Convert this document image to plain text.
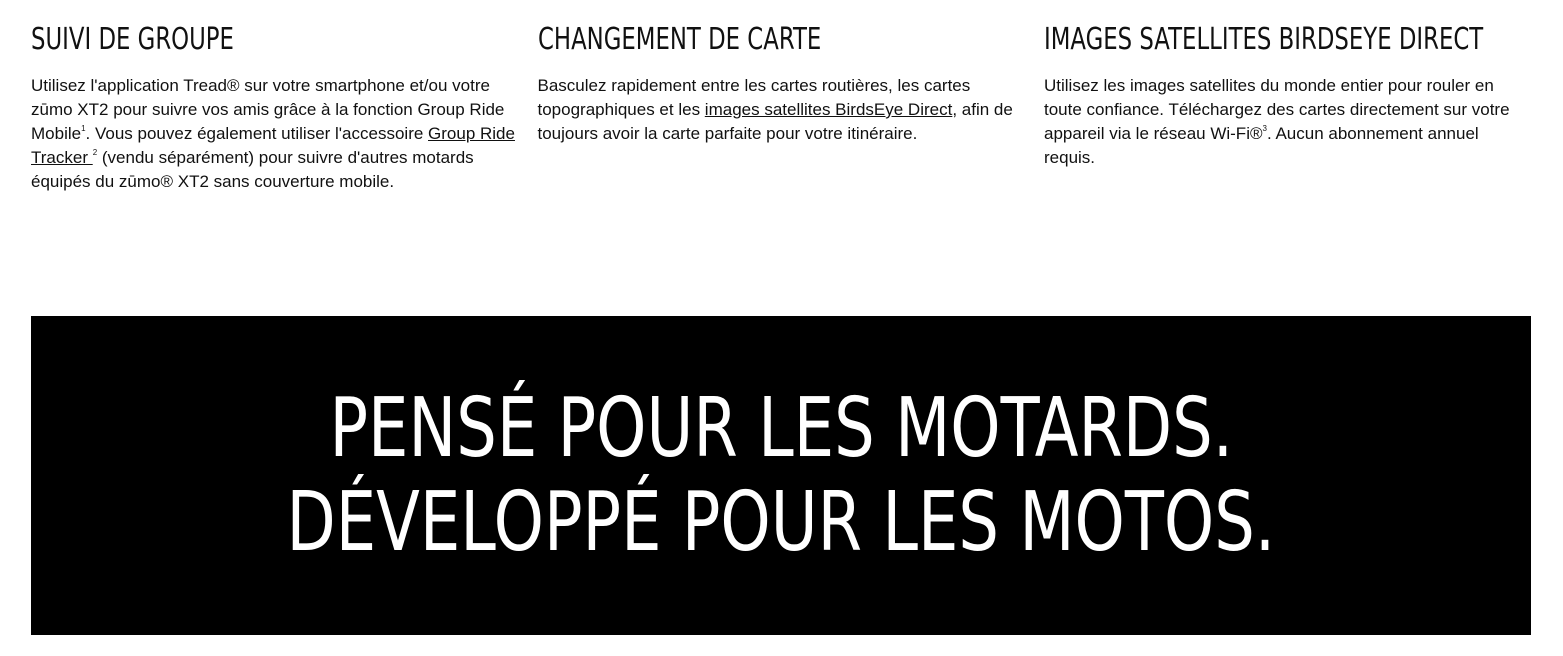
SUIVI DE GROUPE

Utilisez l'application Tread® sur votre smartphone et/ou votre zūmo XT2 pour suivre vos amis grâce à la fonction Group Ride Mobile$^1$. Vous pouvez également utiliser l'accessoire Group Ride Tracker $^2$ (vendu séparément) pour suivre d'autres motards équipés du zūmo® XT2 sans couverture mobile.

CHANGEMENT DE CARTE

Basculez rapidement entre les cartes routières, les cartes topographiques et les images satellites BirdsEye Direct, afin de toujours avoir la carte parfaite pour votre itinéraire.

IMAGES SATELLITES BIRDSEYE DIRECT

Utilisez les images satellites du monde entier pour rouler en toute confiance. Téléchargez des cartes directement sur votre appareil via le réseau Wi-Fi®$^3$. Aucun abonnement annuel requis.

PENSÉ POUR LES MOTARDS.
DÉVELOPPÉ POUR LES MOTOS.
